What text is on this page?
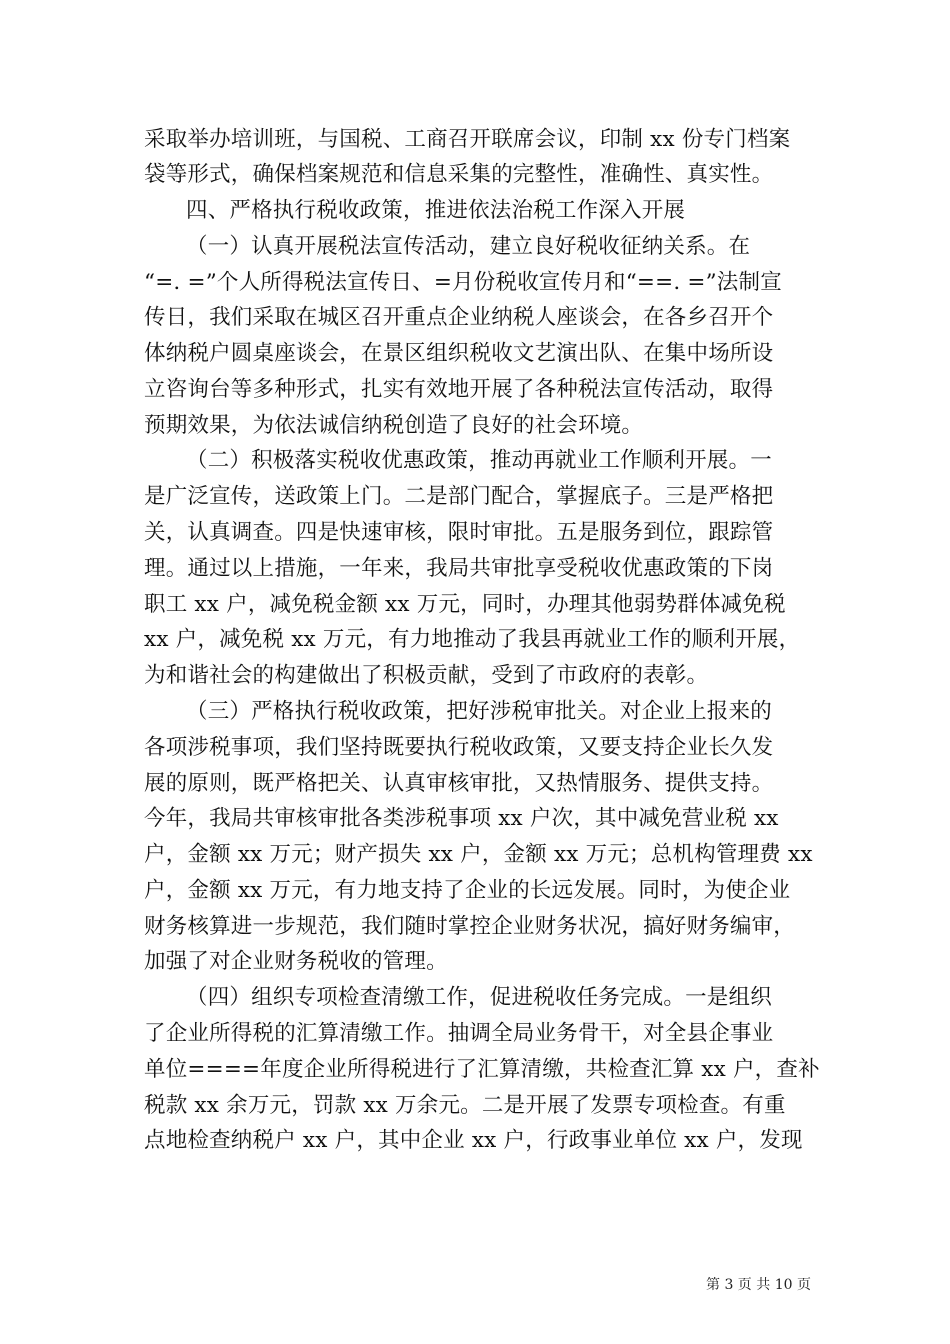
采取举办培训班，与国税、工商召开联席会议，印制 xx 份专门档案
袋等形式，确保档案规范和信息采集的完整性，准确性、真实性。
四、严格执行税收政策，推进依法治税工作深入开展
（一）认真开展税法宣传活动，建立良好税收征纳关系。在
“=. =”个人所得税法宣传日、=月份税收宣传月和“==. =”法制宣
传日，我们采取在城区召开重点企业纳税人座谈会，在各乡召开个
体纳税户圆桌座谈会，在景区组织税收文艺演出队、在集中场所设
立咨询台等多种形式，扎实有效地开展了各种税法宣传活动，取得
预期效果，为依法诚信纳税创造了良好的社会环境。
（二）积极落实税收优惠政策，推动再就业工作顺利开展。一
是广泛宣传，送政策上门。二是部门配合，掌握底子。三是严格把
关，认真调查。四是快速审核，限时审批。五是服务到位，跟踪管
理。通过以上措施，一年来，我局共审批享受税收优惠政策的下岗
职工 xx 户，减免税金额 xx 万元，同时，办理其他弱势群体减免税
xx 户，减免税 xx 万元，有力地推动了我县再就业工作的顺利开展，
为和谐社会的构建做出了积极贡献，受到了市政府的表彰。
（三）严格执行税收政策，把好涉税审批关。对企业上报来的
各项涉税事项，我们坚持既要执行税收政策，又要支持企业长久发
展的原则，既严格把关、认真审核审批，又热情服务、提供支持。
今年，我局共审核审批各类涉税事项 xx 户次，其中减免营业税 xx
户，金额 xx 万元；财产损失 xx 户，金额 xx 万元；总机构管理费 xx
户，金额 xx 万元，有力地支持了企业的长远发展。同时，为使企业
财务核算进一步规范，我们随时掌控企业财务状况，搞好财务编审，
加强了对企业财务税收的管理。
（四）组织专项检查清缴工作，促进税收任务完成。一是组织
了企业所得税的汇算清缴工作。抽调全局业务骨干，对全县企事业
单位====年度企业所得税进行了汇算清缴，共检查汇算 xx 户，查补
税款 xx 余万元，罚款 xx 万余元。二是开展了发票专项检查。有重
点地检查纳税户 xx 户，其中企业 xx 户，行政事业单位 xx 户，发现
第 3 页 共 10 页
